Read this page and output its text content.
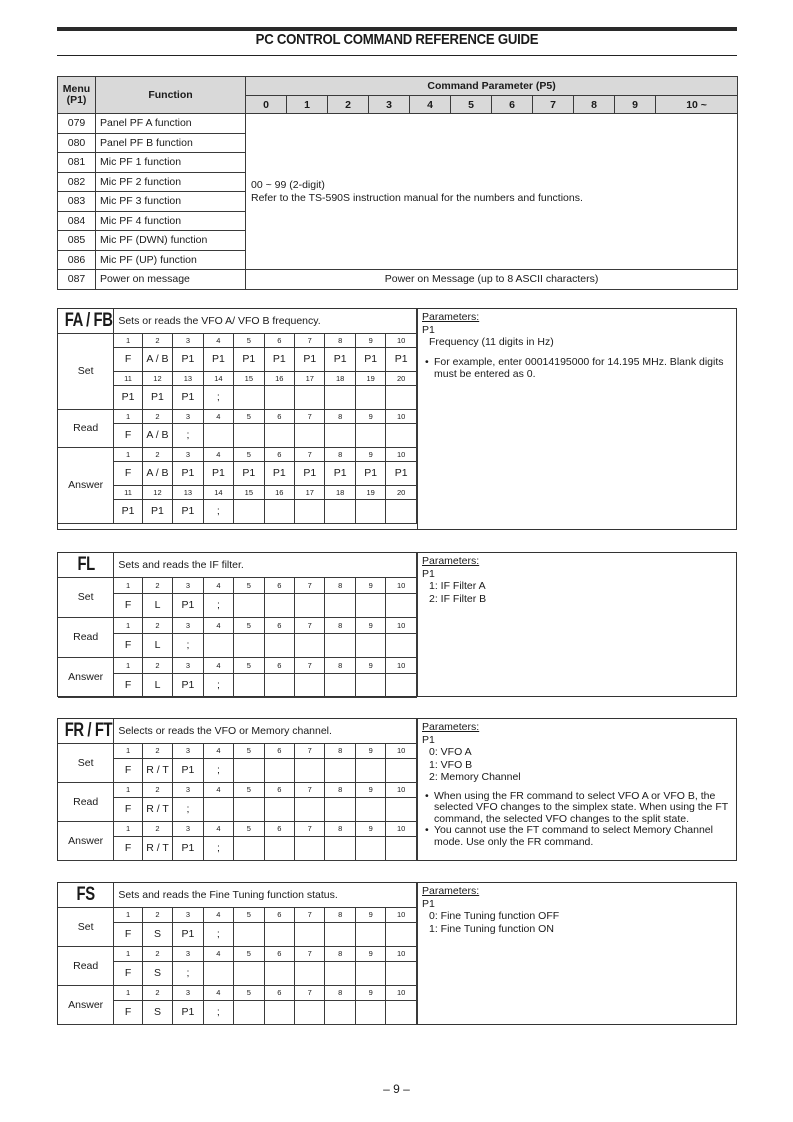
PC CONTROL COMMAND REFERENCE GUIDE
Menu
(P1)	Function	Command Parameter (P5)										
		0	1	2	3	4	5	6	7	8	9	10 ~
079	Panel PF A function	00 ~ 99 (2-digit)
Refer to the TS-590S instruction manual for the numbers and functions.										

080	Panel PF B function											
081	Mic PF 1 function											
082	Mic PF 2 function											
083	Mic PF 3 function											
084	Mic PF 4 function											
085	Mic PF (DWN) function											
086	Mic PF (UP) function											
087	Power on message	Power on Message (up to 8 ASCII characters)										
FA / FB	Sets or reads the VFO A/ VFO B frequency.									
Set	1	2	3	4	5	6	7	8	9	10
	F	A / B	P1	P1	P1	P1	P1	P1	P1	P1
	11	12	13	14	15	16	17	18	19	20
	P1	P1	P1	;						
Read	1	2	3	4	5	6	7	8	9	10
	F	A / B	;							
Answer	1	2	3	4	5	6	7	8	9	10
	F	A / B	P1	P1	P1	P1	P1	P1	P1	P1
	11	12	13	14	15	16	17	18	19	20
	P1	P1	P1	;						
Parameters:
P1
Frequency (11 digits in Hz)
• For example, enter 00014195000 for 14.195 MHz. Blank digits must be entered as 0.
FL	Sets and reads the IF filter.									
Set	1	2	3	4	5	6	7	8	9	10
	F	L	P1	;						
Read	1	2	3	4	5	6	7	8	9	10
	F	L	;							
Answer	1	2	3	4	5	6	7	8	9	10
	F	L	P1	;						
Parameters:
P1
1: IF Filter A
2: IF Filter B
FR / FT	Selects or reads the VFO or Memory channel.									
Set	1	2	3	4	5	6	7	8	9	10
	F	R / T	P1	;						
Read	1	2	3	4	5	6	7	8	9	10
	F	R / T	;							
Answer	1	2	3	4	5	6	7	8	9	10
	F	R / T	P1	;						
Parameters:
P1
0: VFO A
1: VFO B
2: Memory Channel
• When using the FR command to select VFO A or VFO B, the selected VFO changes to the simplex state. When using the FT command, the selected VFO changes to the split state.
• You cannot use the FT command to select Memory Channel mode. Use only the FR command.
FS	Sets and reads the Fine Tuning function status.									
Set	1	2	3	4	5	6	7	8	9	10
	F	S	P1	;						
Read	1	2	3	4	5	6	7	8	9	10
	F	S	;							
Answer	1	2	3	4	5	6	7	8	9	10
	F	S	P1	;						
Parameters:
P1
0: Fine Tuning function OFF
1: Fine Tuning function ON
– 9 –
